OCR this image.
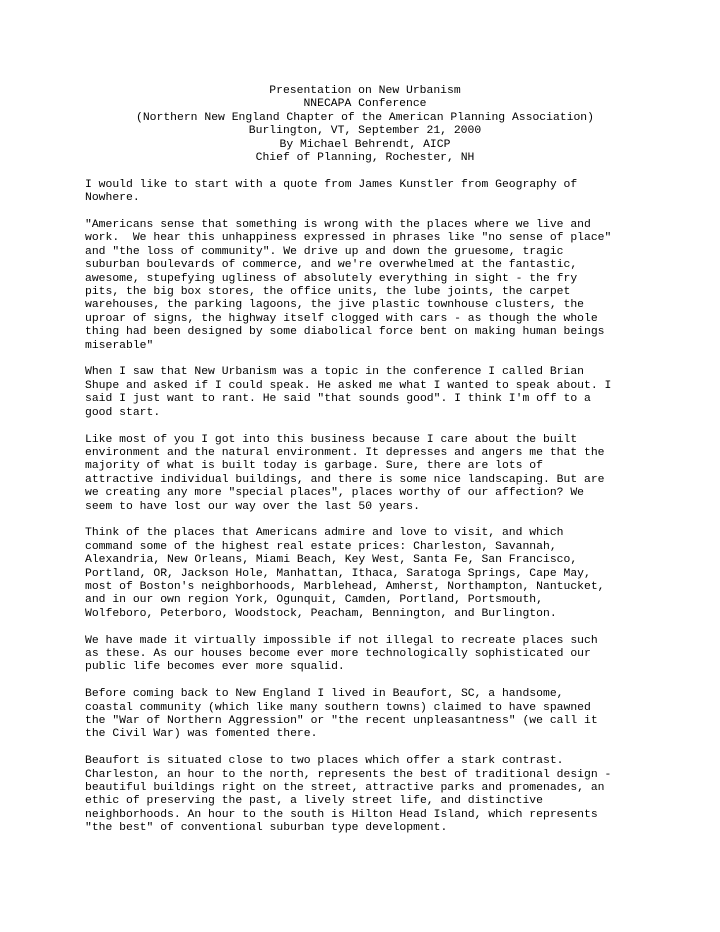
Presentation on New Urbanism
NNECAPA Conference
(Northern New England Chapter of the American Planning Association)
Burlington, VT, September 21, 2000
By Michael Behrendt, AICP
Chief of Planning, Rochester, NH

I would like to start with a quote from James Kunstler from Geography of
Nowhere.

"Americans sense that something is wrong with the places where we live and
work.  We hear this unhappiness expressed in phrases like "no sense of place"
and "the loss of community". We drive up and down the gruesome, tragic
suburban boulevards of commerce, and we're overwhelmed at the fantastic,
awesome, stupefying ugliness of absolutely everything in sight - the fry
pits, the big box stores, the office units, the lube joints, the carpet
warehouses, the parking lagoons, the jive plastic townhouse clusters, the
uproar of signs, the highway itself clogged with cars - as though the whole
thing had been designed by some diabolical force bent on making human beings
miserable"

When I saw that New Urbanism was a topic in the conference I called Brian
Shupe and asked if I could speak. He asked me what I wanted to speak about. I
said I just want to rant. He said "that sounds good". I think I'm off to a
good start.

Like most of you I got into this business because I care about the built
environment and the natural environment. It depresses and angers me that the
majority of what is built today is garbage. Sure, there are lots of
attractive individual buildings, and there is some nice landscaping. But are
we creating any more "special places", places worthy of our affection? We
seem to have lost our way over the last 50 years.

Think of the places that Americans admire and love to visit, and which
command some of the highest real estate prices: Charleston, Savannah,
Alexandria, New Orleans, Miami Beach, Key West, Santa Fe, San Francisco,
Portland, OR, Jackson Hole, Manhattan, Ithaca, Saratoga Springs, Cape May,
most of Boston's neighborhoods, Marblehead, Amherst, Northampton, Nantucket,
and in our own region York, Ogunquit, Camden, Portland, Portsmouth,
Wolfeboro, Peterboro, Woodstock, Peacham, Bennington, and Burlington.

We have made it virtually impossible if not illegal to recreate places such
as these. As our houses become ever more technologically sophisticated our
public life becomes ever more squalid.

Before coming back to New England I lived in Beaufort, SC, a handsome,
coastal community (which like many southern towns) claimed to have spawned
the "War of Northern Aggression" or "the recent unpleasantness" (we call it
the Civil War) was fomented there.

Beaufort is situated close to two places which offer a stark contrast.
Charleston, an hour to the north, represents the best of traditional design -
beautiful buildings right on the street, attractive parks and promenades, an
ethic of preserving the past, a lively street life, and distinctive
neighborhoods. An hour to the south is Hilton Head Island, which represents
"the best" of conventional suburban type development.
